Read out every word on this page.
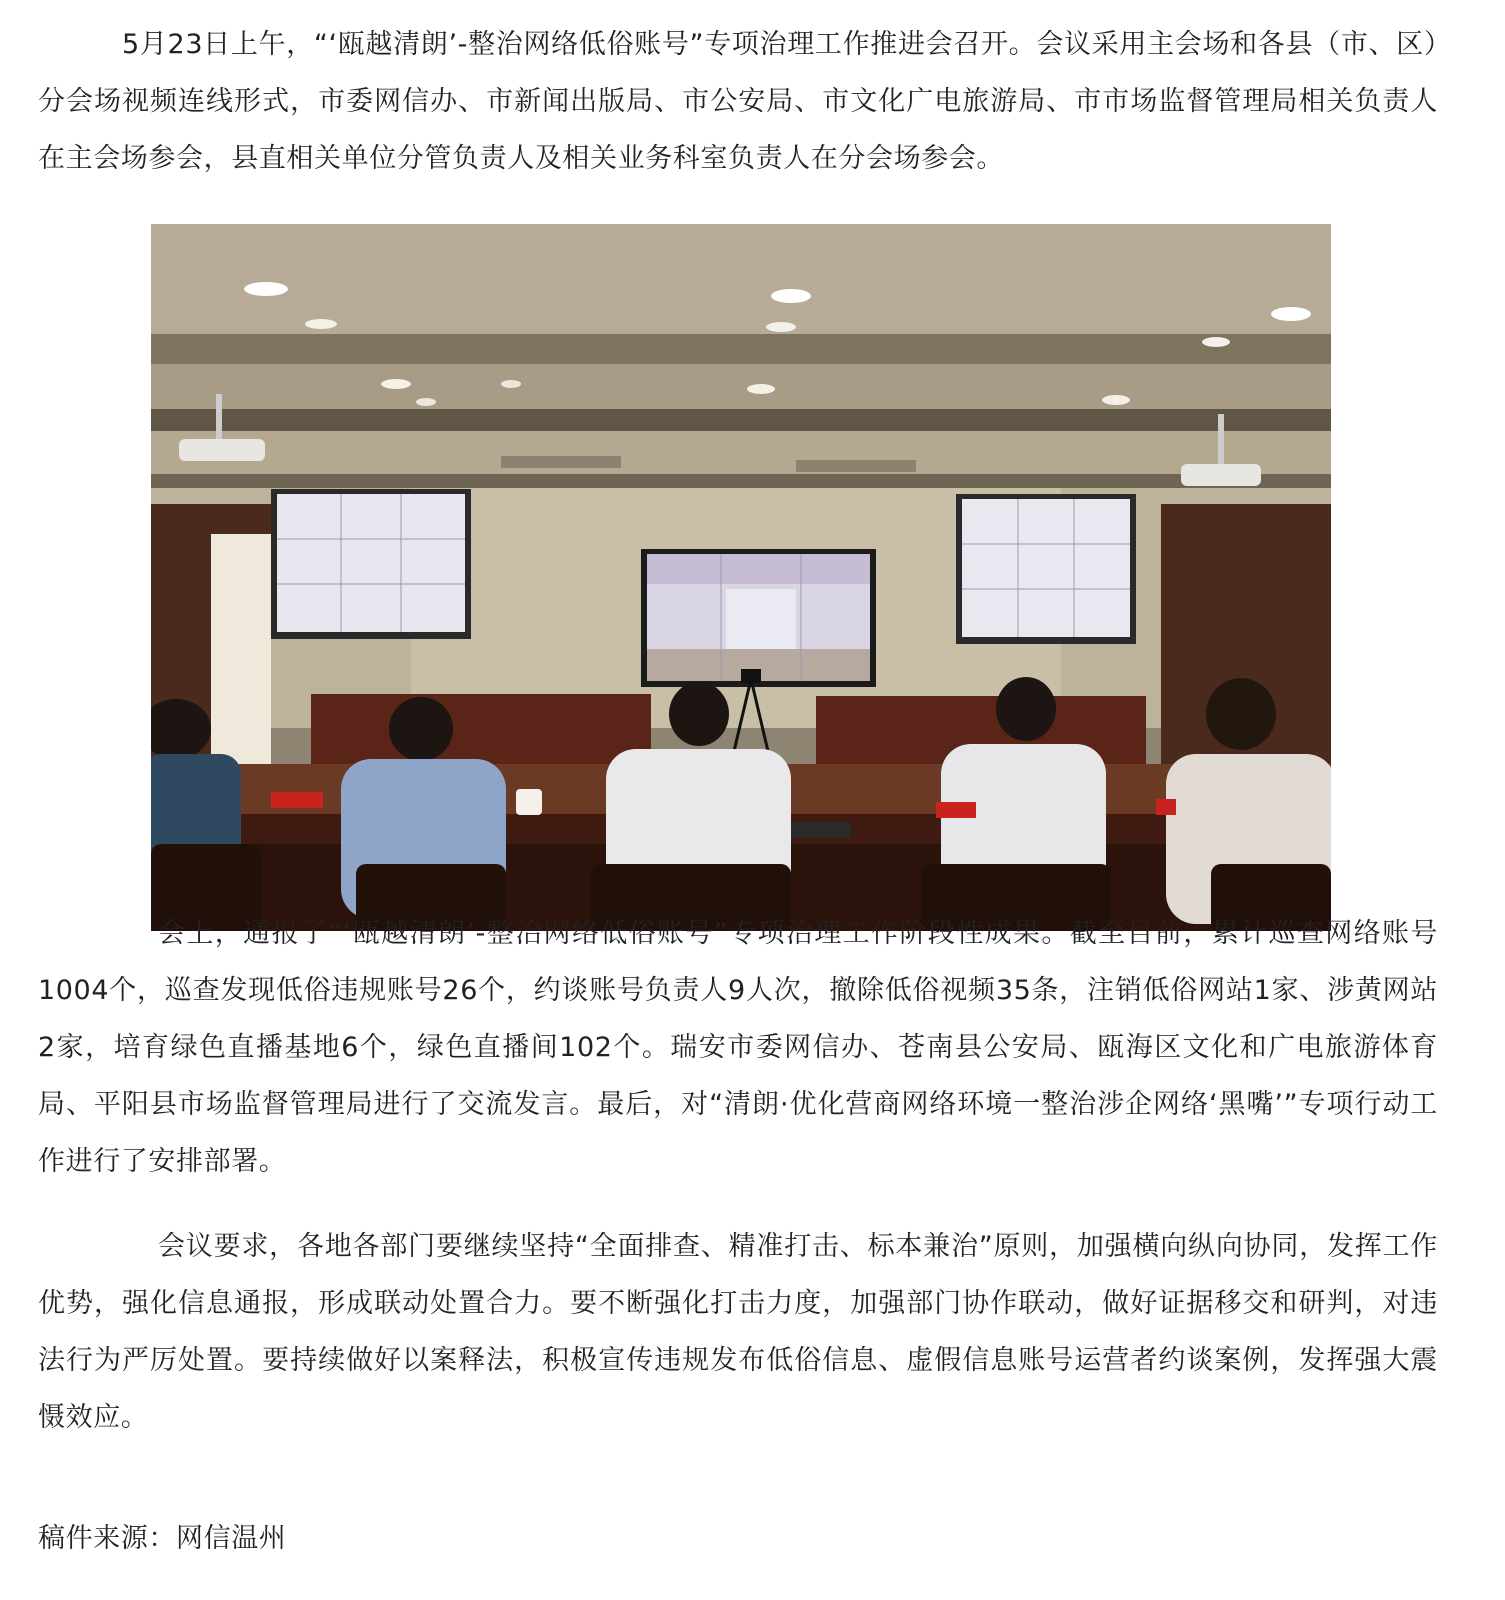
5月23日上午，“‘瓯越清朗’-整治网络低俗账号”专项治理工作推进会召开。会议采用主会场和各县（市、区）分会场视频连线形式，市委网信办、市新闻出版局、市公安局、市文化广电旅游局、市市场监督管理局相关负责人在主会场参会，县直相关单位分管负责人及相关业务科室负责人在分会场参会。

会上，通报了“‘瓯越清朗’-整治网络低俗账号”专项治理工作阶段性成果。截至目前，累计巡查网络账号1004个，巡查发现低俗违规账号26个，约谈账号负责人9人次，撤除低俗视频35条，注销低俗网站1家、涉黄网站2家，培育绿色直播基地6个，绿色直播间102个。瑞安市委网信办、苍南县公安局、瓯海区文化和广电旅游体育局、平阳县市场监督管理局进行了交流发言。最后，对“清朗·优化营商网络环境一整治涉企网络‘黑嘴’”专项行动工作进行了安排部署。

会议要求，各地各部门要继续坚持“全面排查、精准打击、标本兼治”原则，加强横向纵向协同，发挥工作优势，强化信息通报，形成联动处置合力。要不断强化打击力度，加强部门协作联动，做好证据移交和研判，对违法行为严厉处置。要持续做好以案释法，积极宣传违规发布低俗信息、虚假信息账号运营者约谈案例，发挥强大震慑效应。

稿件来源：网信温州
